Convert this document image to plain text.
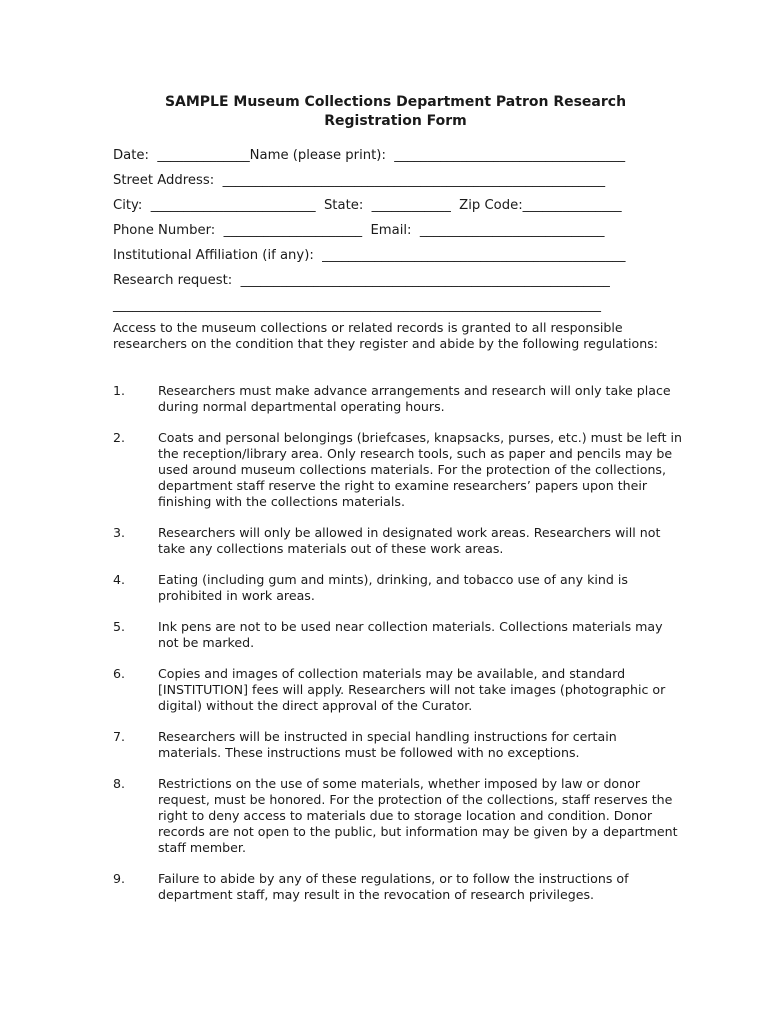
SAMPLE Museum Collections Department Patron Research
Registration Form
Date:  ______________Name (please print):  ___________________________________
Street Address:  __________________________________________________________
City:  _________________________  State:  ____________  Zip Code:_______________
Phone Number:  _____________________  Email:  ____________________________
Institutional Affiliation (if any):  ______________________________________________
Research request:  ________________________________________________________
__________________________________________________________________________

Access to the museum collections or related records is granted to all responsible researchers on the condition that they register and abide by the following regulations:

1.	Researchers must make advance arrangements and research will only take place during normal departmental operating hours.
2.	Coats and personal belongings (briefcases, knapsacks, purses, etc.) must be left in the reception/library area. Only research tools, such as paper and pencils may be used around museum collections materials. For the protection of the collections, department staff reserve the right to examine researchers’ papers upon their finishing with the collections materials.
3.	Researchers will only be allowed in designated work areas. Researchers will not take any collections materials out of these work areas.
4.	Eating (including gum and mints), drinking, and tobacco use of any kind is prohibited in work areas.
5.	Ink pens are not to be used near collection materials. Collections materials may not be marked.
6.	Copies and images of collection materials may be available, and standard [INSTITUTION] fees will apply. Researchers will not take images (photographic or digital) without the direct approval of the Curator.
7.	Researchers will be instructed in special handling instructions for certain materials. These instructions must be followed with no exceptions.
8.	Restrictions on the use of some materials, whether imposed by law or donor request, must be honored. For the protection of the collections, staff reserves the right to deny access to materials due to storage location and condition. Donor records are not open to the public, but information may be given by a department staff member.
9.	Failure to abide by any of these regulations, or to follow the instructions of department staff, may result in the revocation of research privileges.
